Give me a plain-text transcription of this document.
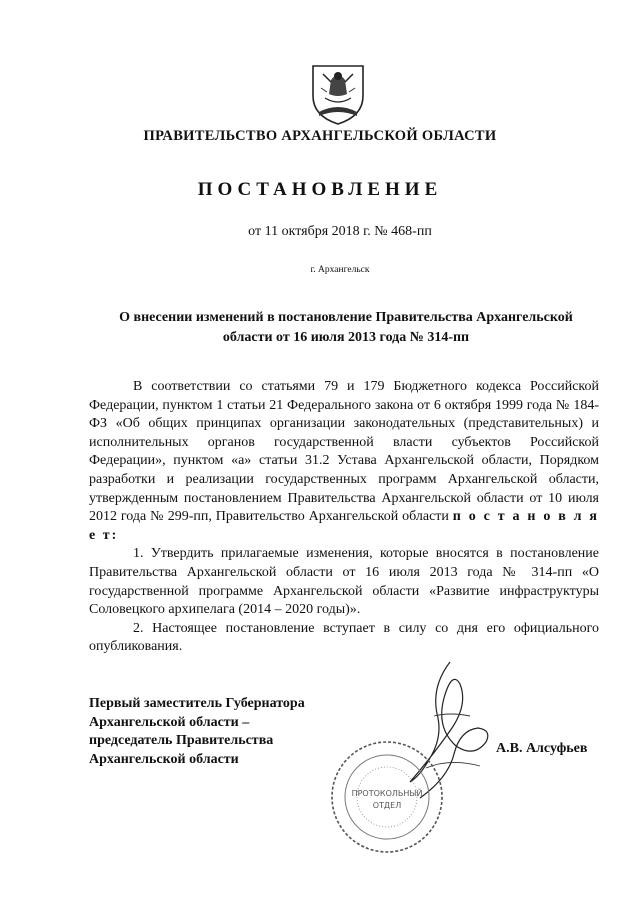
ПРАВИТЕЛЬСТВО АРХАНГЕЛЬСКОЙ ОБЛАСТИ
ПОСТАНОВЛЕНИЕ
от 11 октября 2018 г. № 468-пп
г. Архангельск
О внесении изменений в постановление Правительства Архангельской
области от 16 июля 2013 года № 314-пп

В соответствии со статьями 79 и 179 Бюджетного кодекса Российской Федерации, пунктом 1 статьи 21 Федерального закона от 6 октября 1999 года № 184-ФЗ «Об общих принципах организации законодательных (представительных) и исполнительных органов государственной власти субъектов Российской Федерации», пунктом «а» статьи 31.2 Устава Архангельской области, Порядком разработки и реализации государственных программ Архангельской области, утвержденным постановлением Правительства Архангельской области от 10 июля 2012 года № 299-пп, Правительство Архангельской области п о с т а н о в л я е т:

1. Утвердить прилагаемые изменения, которые вносятся в постановление Правительства Архангельской области от 16 июля 2013 года № 314-пп «О государственной программе Архангельской области «Развитие инфраструктуры Соловецкого архипелага (2014 – 2020 годы)».

2. Настоящее постановление вступает в силу со дня его официального опубликования.

Первый заместитель Губернатора
Архангельской области –
председатель Правительства
Архангельской области
ПРОТОКОЛЬНЫЙ
ОТДЕЛ
А.В. Алсуфьев
